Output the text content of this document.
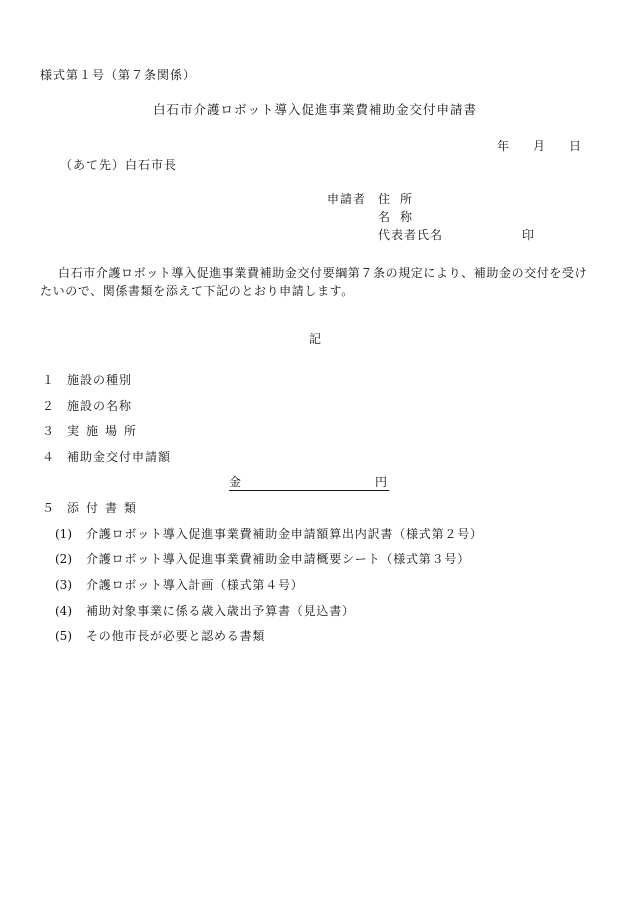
様式第１号（第７条関係）
白石市介護ロボット導入促進事業費補助金交付申請書
年 月 日
（あて先）白石市長
申請者 住所
名称
代表者氏名	印
白石市介護ロボット導入促進事業費補助金交付要綱第７条の規定により、補助金の交付を受けたいので、関係書類を添えて下記のとおり申請します。
記
１ 施設の種別
２ 施設の名称
３ 実施場所
４ 補助金交付申請額
金	円
５ 添付書類
(1) 介護ロボット導入促進事業費補助金申請額算出内訳書（様式第２号）
(2) 介護ロボット導入促進事業費補助金申請概要シート（様式第３号）
(3) 介護ロボット導入計画（様式第４号）
(4) 補助対象事業に係る歳入歳出予算書（見込書）
(5) その他市長が必要と認める書類
